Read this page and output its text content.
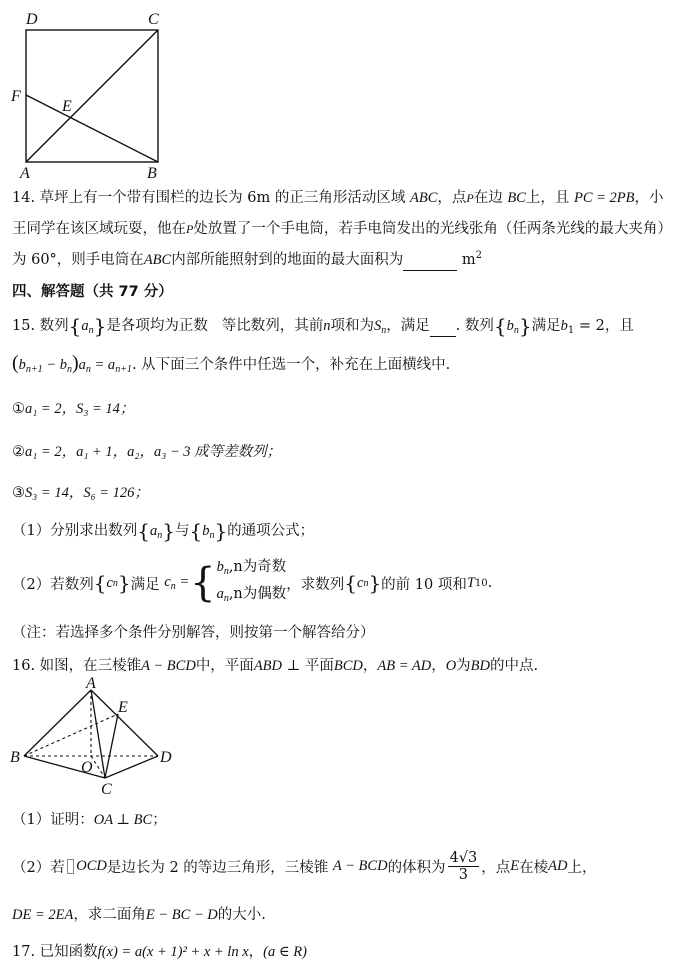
D	C
F
E
A	B
14. 草坪上有一个带有围栏的边长为 6m 的正三角形活动区域 ABC，点P在边 BC上，且 PC = 2PB，小
王同学在该区域玩耍，他在P处放置了一个手电筒，若手电筒发出的光线张角（任两条光线的最大夹角）
为 60°，则手电筒在ABC内部所能照射到的地面的最大面积为	$m^2$
四、解答题（共 77 分）
15. 数列$\{a_n\}$是各项均为正数 等比数列，其前n项和为$S_n$，满足 . 数列$\{b_n\}$满足$b_1 = 2$，且
$(b_{n+1} - b_n)a_n = a_{n+1}$. 从下面三个条件中任选一个，补充在上面横线中.
①a₁ = 2，S₃ = 14；
②a₁ = 2，a₁ + 1，a₂，a₃ − 3 成等差数列；
③S₃ = 14，S₆ = 126；
（1）分别求出数列$\{a_n\}$与$\{b_n\}$的通项公式；
（2）若数列 { c n } 满足
$c_n$ = { $b_n,n$为奇数
$a_n,n$为偶数
，求数列 { c n } 的前 10 项和 T 10 .
（注：若选择多个条件分别解答，则按第一个解答给分）
16. 如图，在三棱锥A − BCD中，平面ABD ⊥ 平面BCD，AB = AD，O为BD的中点.
A
E
B
O
D
C
（1）证明：OA ⊥ BC；
（2）若
OCD 是边长为 2 的等边三角形，三棱锥
A − BCD 的体积为 $\frac{4√3}{3}$ ，点 E 在棱 AD 上，
DE = 2EA，求二面角E − BC − D的大小.
17. 已知函数f(x) = a(x + 1)² + x + ln x，(a ∈ R)
